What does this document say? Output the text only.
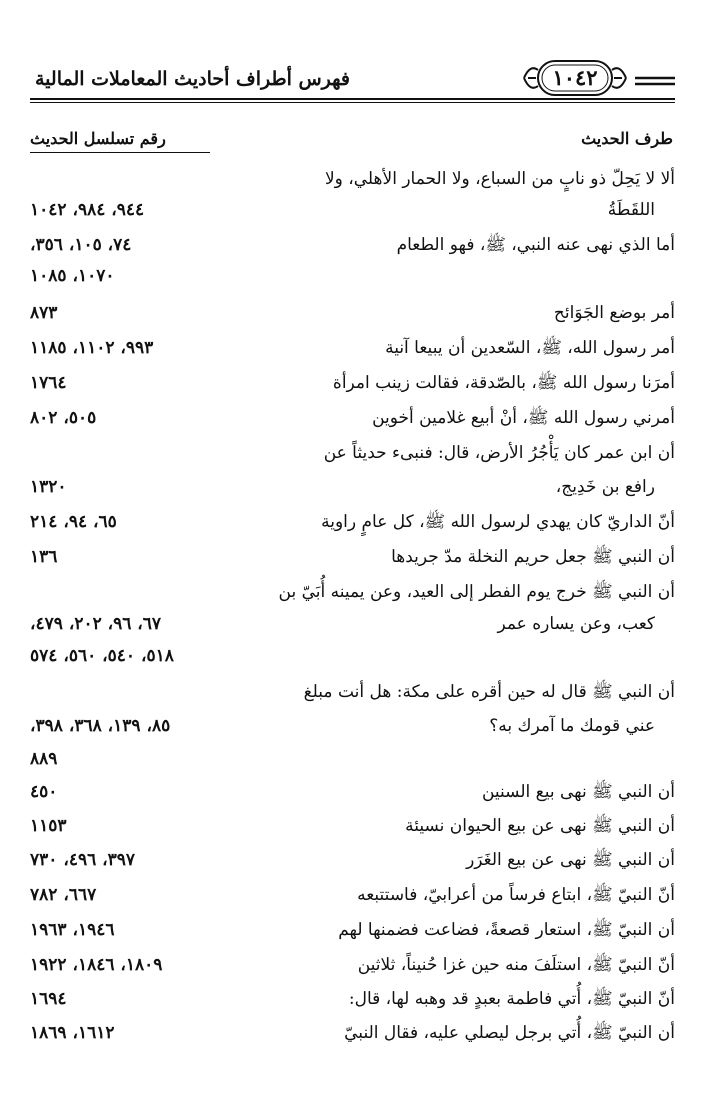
فهرس أطراف أحاديث المعاملات المالية	١٠٤٢
طرف الحديث
رقم تسلسل الحديث
ألا لا يَحِلّ ذو نابٍ من السباع، ولا الحمار الأهلي، ولا
اللقَطَةُ
٩٤٤، ٩٨٤، ١٠٤٢
أما الذي نهى عنه النبي، ﷺ، فهو الطعام
٧٤، ١٠٥، ٣٥٦،
١٠٧٠، ١٠٨٥
أمر بوضع الجَوَائح
٨٧٣
أمر رسول الله، ﷺ، السّعدين أن يبيعا آنية
٩٩٣، ١١٠٢، ١١٨٥
أمرَنا رسول الله ﷺ، بالصّدقة، فقالت زينب امرأة
١٧٦٤
أمرني رسول الله ﷺ، أنْ أبيع غلامين أخوين
٥٠٥، ٨٠٢
أن ابن عمر كان يَأْجُرُ الأرض، قال: فنبىء حديثاً عن
رافع بن خَدِيج،
١٣٢٠
أنّ الداريّ كان يهدي لرسول الله ﷺ، كل عامٍ راوية
٦٥، ٩٤، ٢١٤
أن النبي ﷺ جعل حريم النخلة مدّ جريدها
١٣٦
أن النبي ﷺ خرج يوم الفطر إلى العيد، وعن يمينه أُبَيّ بن
كعب، وعن يساره عمر
٦٧، ٩٦، ٢٠٢، ٤٧٩،
٥١٨، ٥٤٠، ٥٦٠، ٥٧٤
أن النبي ﷺ قال له حين أقره على مكة: هل أنت مبلغ
عني قومك ما آمرك به؟
٨٥، ١٣٩، ٣٦٨، ٣٩٨،
٨٨٩
أن النبي ﷺ نهى بيع السنين
٤٥٠
أن النبي ﷺ نهى عن بيع الحيوان نسيئة
١١٥٣
أن النبي ﷺ نهى عن بيع الغَرَر
٣٩٧، ٤٩٦، ٧٣٠
أنّ النبيّ ﷺ، ابتاع فرساً من أعرابيّ، فاستتبعه
٦٦٧، ٧٨٢
أن النبيّ ﷺ، استعار قصعةً، فضاعت فضمنها لهم
١٩٤٦، ١٩٦٣
أنّ النبيّ ﷺ، استلَفَ منه حين غزا حُنيناً، ثلاثين
١٨٠٩، ١٨٤٦، ١٩٢٢
أنّ النبيّ ﷺ، أُتي فاطمة بعبدٍ قد وهبه لها، قال:
١٦٩٤
أن النبيّ ﷺ، أُتي برجل ليصلي عليه، فقال النبيّ
١٦١٢، ١٨٦٩
